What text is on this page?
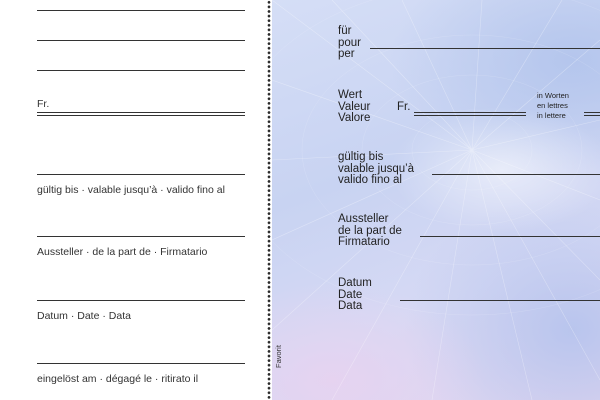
Fr.
gültig bis · valable jusqu’à · valido fino al
Aussteller · de la part de · Firmatario
Datum · Date · Data
eingelöst am · dégagé le · ritirato il
für
pour
per
Wert
Valeur
Valore
Fr.
in Worten
en lettres
in lettere
gültig bis
valable jusqu’à
valido fino al
Aussteller
de la part de
Firmatario
Datum
Date
Data
Favorit
